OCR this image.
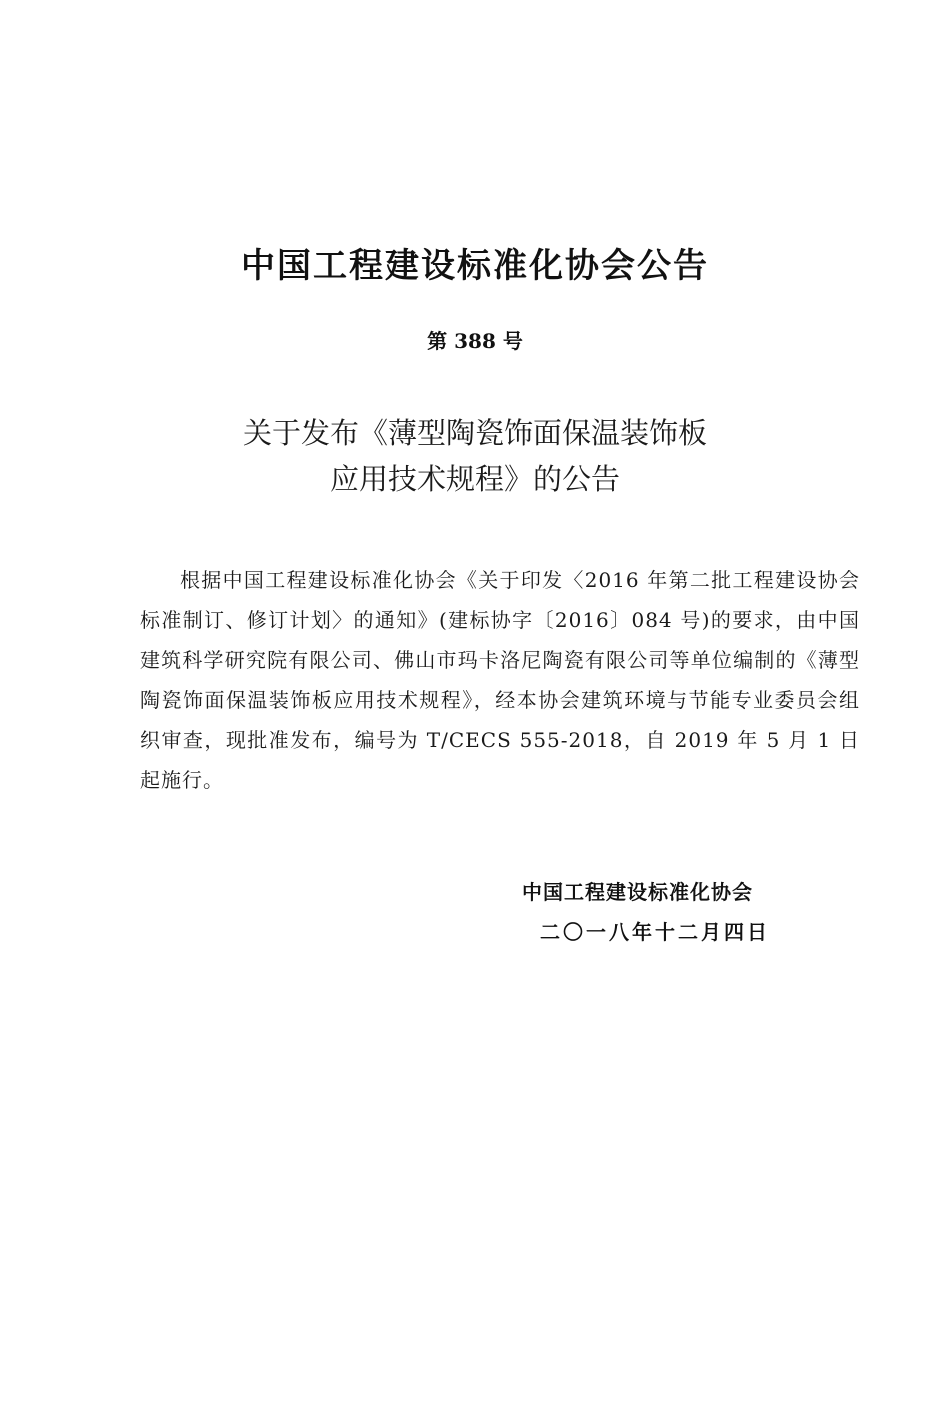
中国工程建设标准化协会公告
第 388 号
关于发布《薄型陶瓷饰面保温装饰板
应用技术规程》的公告
根据中国工程建设标准化协会《关于印发〈2016 年第二批工程建设协会标准制订、修订计划〉的通知》(建标协字〔2016〕084 号)的要求，由中国建筑科学研究院有限公司、佛山市玛卡洛尼陶瓷有限公司等单位编制的《薄型陶瓷饰面保温装饰板应用技术规程》，经本协会建筑环境与节能专业委员会组织审查，现批准发布，编号为 T/CECS 555-2018，自 2019 年 5 月 1 日起施行。
中国工程建设标准化协会
二〇一八年十二月四日
